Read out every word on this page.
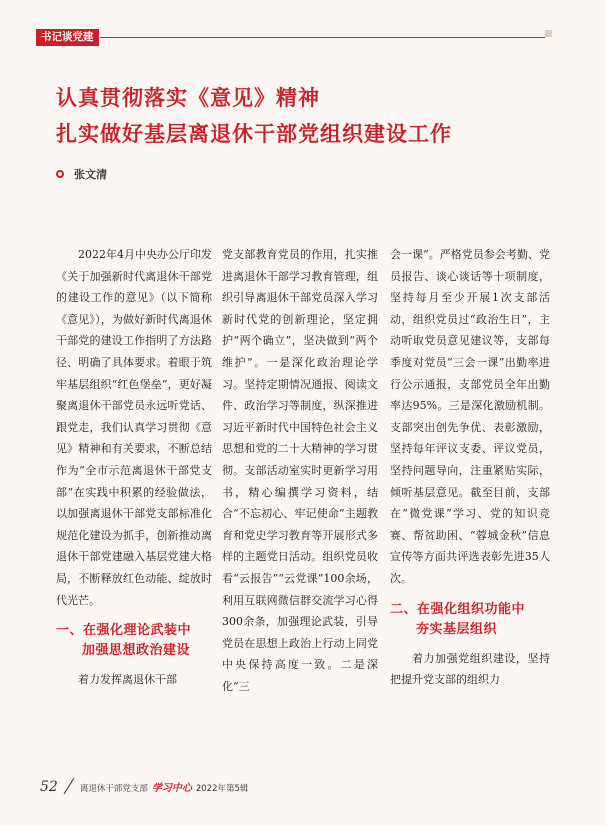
书记谈党建
认真贯彻落实《意见》精神
扎实做好基层离退休干部党组织建设工作
张文清

2022年4月中央办公厅印发《关于加强新时代离退休干部党的建设工作的意见》（以下简称《意见》），为做好新时代离退休干部党的建设工作指明了方法路径、明确了具体要求。着眼于筑牢基层组织“红色堡垒”，更好凝聚离退休干部党员永远听党话、跟党走，我们认真学习贯彻《意见》精神和有关要求，不断总结作为“全市示范离退休干部党支部”在实践中积累的经验做法，以加强离退休干部党支部标准化规范化建设为抓手，创新推动离退休干部党建融入基层党建大格局，不断释放红色动能、绽放时代光芒。

一、在强化理论武装中
加强思想政治建设

着力发挥离退休干部

党支部教育党员的作用，扎实推进离退休干部学习教育管理，组织引导离退休干部党员深入学习新时代党的创新理论，坚定拥护“两个确立”，坚决做到“两个维护”。一是深化政治理论学习。坚持定期情况通报、阅读文件、政治学习等制度，纵深推进习近平新时代中国特色社会主义思想和党的二十大精神的学习贯彻。支部活动室实时更新学习用书，精心编撰学习资料，结合“不忘初心、牢记使命”主题教育和党史学习教育等开展形式多样的主题党日活动。组织党员收看“云报告”“云党课”100余场，利用互联网微信群交流学习心得300余条，加强理论武装，引导党员在思想上政治上行动上同党中央保持高度一致。二是深化“三

会一课”。严格党员参会考勤、党员报告、谈心谈话等十项制度，坚持每月至少开展1次支部活动，组织党员过“政治生日”，主动听取党员意见建议等，支部每季度对党员“三会一课”出勤率进行公示通报，支部党员全年出勤率达95%。三是深化激励机制。支部突出创先争优、表彰激励，坚持每年评议支委、评议党员，坚持问题导向，注重紧贴实际，倾听基层意见。截至目前，支部在“微党课”学习、党的知识竞赛、帮贫助困、“蓉城金秋”信息宣传等方面共评选表彰先进35人次。

二、在强化组织功能中
夯实基层组织

着力加强党组织建设，坚持把提升党支部的组织力

52	离退休干部党支部 学习中心 2022年第5辑
